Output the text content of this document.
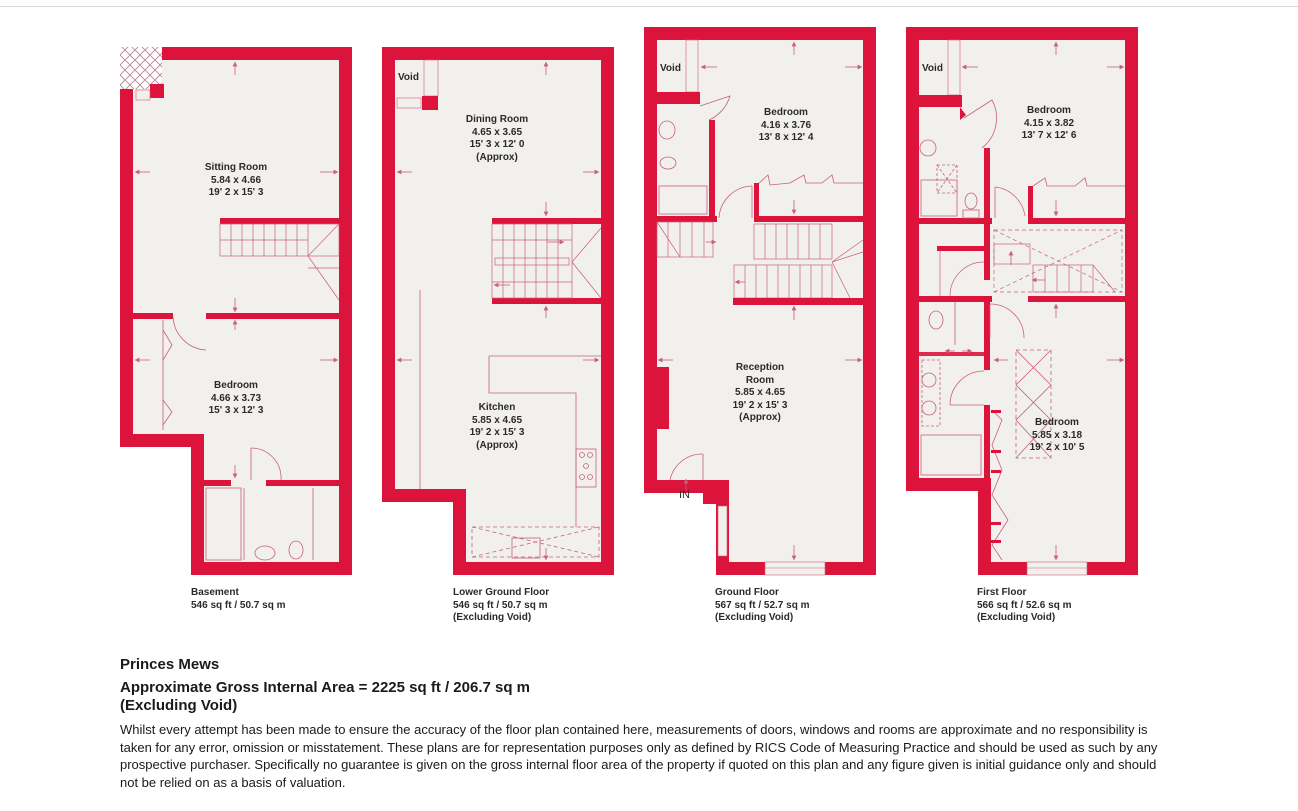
Sitting Room
5.84 x 4.66
19' 2 x 15' 3
Bedroom
4.66 x 3.73
15' 3 x 12' 3
Basement
546 sq ft / 50.7 sq m
Void
Dining Room
4.65 x 3.65
15' 3 x 12' 0
(Approx)
Kitchen
5.85 x 4.65
19' 2 x 15' 3
(Approx)
Lower Ground Floor
546 sq ft / 50.7 sq m
(Excluding Void)
Void
Bedroom
4.16 x 3.76
13' 8 x 12' 4
Reception
Room
5.85 x 4.65
19' 2 x 15' 3
(Approx)
IN
Ground Floor
567 sq ft / 52.7 sq m
(Excluding Void)
Void
Bedroom
4.15 x 3.82
13' 7 x 12' 6
Bedroom
5.85 x 3.18
19' 2 x 10' 5
First Floor
566 sq ft / 52.6 sq m
(Excluding Void)
Princes Mews
Approximate Gross Internal Area = 2225 sq ft / 206.7 sq m
(Excluding Void)
Whilst every attempt has been made to ensure the accuracy of the floor plan contained here, measurements of doors, windows and rooms are approximate and no responsibility is taken for any error, omission or misstatement. These plans are for representation purposes only as defined by RICS Code of Measuring Practice and should be used as such by any prospective purchaser. Specifically no guarantee is given on the gross internal floor area of the property if quoted on this plan and any figure given is initial guidance only and should not be relied on as a basis of valuation.
